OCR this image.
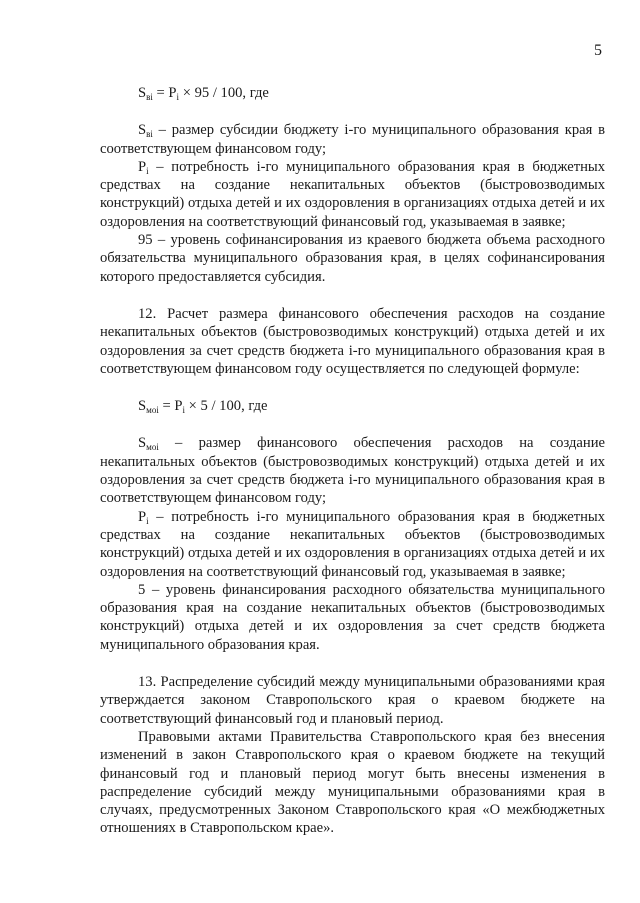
5

$S_{вi} = P_i \times 95 / 100$, где

$S_{вi}$ – размер субсидии бюджету i-го муниципального образования края в соответствующем финансовом году;

$P_i$ – потребность i-го муниципального образования края в бюджетных средствах на создание некапитальных объектов (быстровозводимых конструкций) отдыха детей и их оздоровления в организациях отдыха детей и их оздоровления на соответствующий финансовый год, указываемая в заявке;

95 – уровень софинансирования из краевого бюджета объема расходного обязательства муниципального образования края, в целях софинансирования которого предоставляется субсидия.

12. Расчет размера финансового обеспечения расходов на создание некапитальных объектов (быстровозводимых конструкций) отдыха детей и их оздоровления за счет средств бюджета i-го муниципального образования края в соответствующем финансовом году осуществляется по следующей формуле:

$S_{мoi} = P_i \times 5 / 100$, где

$S_{мoi}$ – размер финансового обеспечения расходов на создание некапитальных объектов (быстровозводимых конструкций) отдыха детей и их оздоровления за счет средств бюджета i-го муниципального образования края в соответствующем финансовом году;

$P_i$ – потребность i-го муниципального образования края в бюджетных средствах на создание некапитальных объектов (быстровозводимых конструкций) отдыха детей и их оздоровления в организациях отдыха детей и их оздоровления на соответствующий финансовый год, указываемая в заявке;

5 – уровень финансирования расходного обязательства муниципального образования края на создание некапитальных объектов (быстровозводимых конструкций) отдыха детей и их оздоровления за счет средств бюджета муниципального образования края.

13. Распределение субсидий между муниципальными образованиями края утверждается законом Ставропольского края о краевом бюджете на соответствующий финансовый год и плановый период.

Правовыми актами Правительства Ставропольского края без внесения изменений в закон Ставропольского края о краевом бюджете на текущий финансовый год и плановый период могут быть внесены изменения в распределение субсидий между муниципальными образованиями края в случаях, предусмотренных Законом Ставропольского края «О межбюджетных отношениях в Ставропольском крае».
